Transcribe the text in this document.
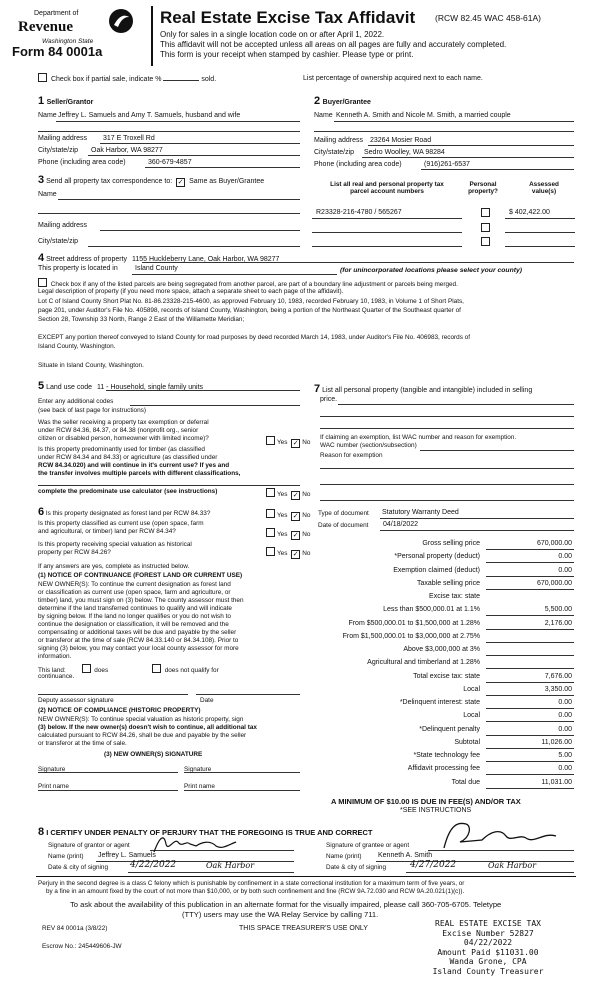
Department of
Revenue
Washington State
Form 84 0001a
Real Estate Excise Tax Affidavit (RCW 82.45 WAC 458-61A)
Only for sales in a single location code on or after April 1, 2022.
This affidavit will not be accepted unless all areas on all pages are fully and accurately completed.
This form is your receipt when stamped by cashier. Please type or print.
Check box if partial sale, indicate %	sold.	List percentage of ownership acquired next to each name.
1 Seller/Grantor
Name Jeffrey L. Samuels and Amy T. Samuels, husband and wife
Mailing address 317 E Troxell Rd
City/state/zip Oak Harbor, WA 98277
Phone (including area code)	360-679-4857
2 Buyer/Grantee
Name Kenneth A. Smith and Nicole M. Smith, a married couple
Mailing address 23264 Mosier Road
City/state/zip Sedro Woolley, WA 98284
Phone (including area code)	(916)261-6537
3 Send all property tax correspondence to: ✓ Same as Buyer/Grantee
Name
Mailing address
City/state/zip
List all real and personal property tax
parcel account numbers
Personal
property?
Assessed
value(s)
R23328-216-4780 / 565267	$ 402,422.00
4 Street address of property 1155 Huckleberry Lane, Oak Harbor, WA 98277
This property is located in Island County	(for unincorporated locations please select your county)
Check box if any of the listed parcels are being segregated from another parcel, are part of a boundary line adjustment or parcels being merged.
Legal description of property (if you need more space, attach a separate sheet to each page of the affidavit).
Lot C of Island County Short Plat No. 81-86.23328-215-4600, as approved February 10, 1983, recorded February 10, 1983, in Volume 1 of Short Plats,
page 201, under Auditor's File No. 405898, records of Island County, Washington, being a portion of the Northeast Quarter of the Southeast quarter of
Section 28, Township 33 North, Range 2 East of the Willamette Meridian;
EXCEPT any portion thereof conveyed to Island County for road purposes by deed recorded March 14, 1983, under Auditor's File No. 406983, records of
Island County, Washington.
Situate in Island County, Washington.
5 Land use code 11 - Household, single family units
Enter any additional codes
(see back of last page for instructions)
Was the seller receiving a property tax exemption or deferral
under RCW 84.36, 84.37, or 84.38 (nonprofit org., senior
citizen or disabled person, homeowner with limited income)?
Yes ✓ No
Is this property predominantly used for timber (as classified
under RCW 84.34 and 84.33) or agriculture (as classified under
RCW 84.34.020) and will continue in it's current use? If yes and
the transfer involves multiple parcels with different classifications,
complete the predominate use calculator (see instructions)	Yes ✓ No
7 List all personal property (tangible and intangible) included in selling
price.
If claiming an exemption, list WAC number and reason for exemption.
WAC number (section/subsection)
Reason for exemption
6 Is this property designated as forest land per RCW 84.33?	Yes ✓ No
Is this property classified as current use (open space, farm
and agricultural, or timber) land per RCW 84.34?	Yes ✓ No
Is this property receiving special valuation as historical
property per RCW 84.26?	Yes ✓ No
If any answers are yes, complete as instructed below.
(1) NOTICE OF CONTINUANCE (FOREST LAND OR CURRENT USE)
NEW OWNER(S): To continue the current designation as forest land
or classification as current use (open space, farm and agriculture, or
timber) land, you must sign on (3) below. The county assessor must then
determine if the land transferred continues to qualify and will indicate
by signing below. If the land no longer qualifies or you do not wish to
continue the designation or classification, it will be removed and the
compensating or additional taxes will be due and payable by the seller
or transferor at the time of sale (RCW 84.33.140 or 84.34.108). Prior to
signing (3) below, you may contact your local county assessor for more
information.
This land:	does	does not qualify for
continuance.
Deputy assessor signature	Date
(2) NOTICE OF COMPLIANCE (HISTORIC PROPERTY)
NEW OWNER(S): To continue special valuation as historic property, sign
(3) below. If the new owner(s) doesn't wish to continue, all additional tax
calculated pursuant to RCW 84.26, shall be due and payable by the seller
or transferor at the time of sale.
(3) NEW OWNER(S) SIGNATURE
Signature	Signature
Print name	Print name
Type of document Statutory Warranty Deed
Date of document 04/18/2022
Gross selling price	670,000.00
*Personal property (deduct)	0.00
Exemption claimed (deduct)	0.00
Taxable selling price	670,000.00
Excise tax: state
Less than $500,000.01 at 1.1%	5,500.00
From $500,000.01 to $1,500,000 at 1.28%	2,176.00
From $1,500,000.01 to $3,000,000 at 2.75%
Above $3,000,000 at 3%
Agricultural and timberland at 1.28%
Total excise tax: state	7,676.00
Local	3,350.00
*Delinquent interest: state	0.00
Local	0.00
*Delinquent penalty	0.00
Subtotal	11,026.00
*State technology fee	5.00
Affidavit processing fee	0.00
Total due	11,031.00
A MINIMUM OF $10.00 IS DUE IN FEE(S) AND/OR TAX
*SEE INSTRUCTIONS
8 I CERTIFY UNDER PENALTY OF PERJURY THAT THE FOREGOING IS TRUE AND CORRECT
Signature of grantor or agent
Name (print) Jeffrey L. Samuels
Date & city of signing 4/22/2022	Oak Harbor
Signature of grantee or agent
Name (print) Kenneth A. Smith
Date & city of signing	4/27/2022	Oak Harbor
Perjury in the second degree is a class C felony which is punishable by confinement in a state correctional institution for a maximum term of five years, or
by a fine in an amount fixed by the court of not more than $10,000, or by both such confinement and fine (RCW 9A.72.030 and RCW 9A.20.021(1)(c)).
To ask about the availability of this publication in an alternate format for the visually impaired, please call 360-705-6705. Teletype
(TTY) users may use the WA Relay Service by calling 711.
REV 84 0001a (3/8/22)
Escrow No.: 245449606-JW
THIS SPACE TREASURER'S USE ONLY
REAL ESTATE EXCISE TAX
Excise Number 52827
04/22/2022
Amount Paid $11031.00
Wanda Grone, CPA
Island County Treasurer
